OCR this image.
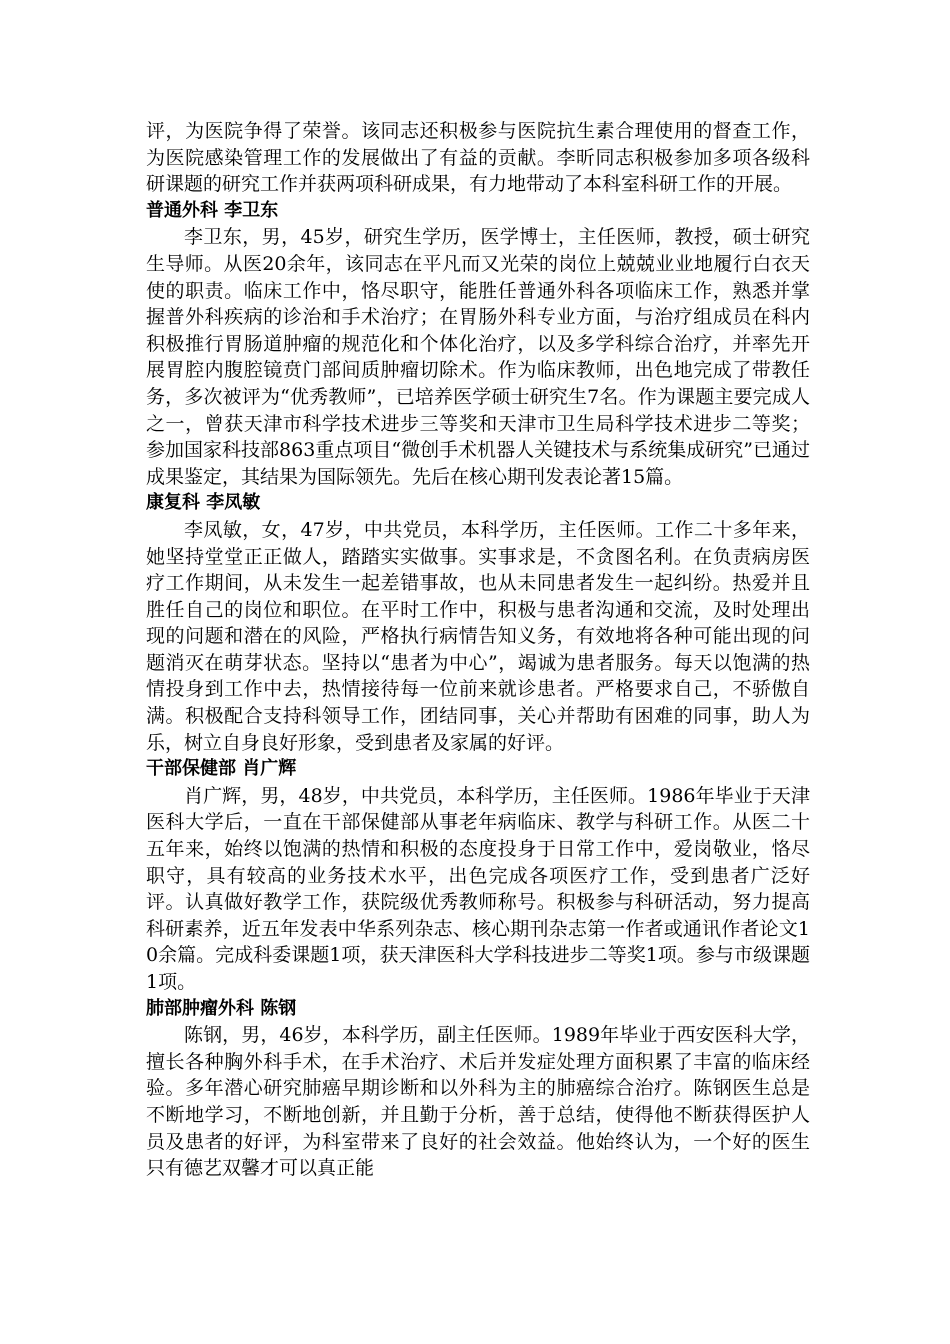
评，为医院争得了荣誉。该同志还积极参与医院抗生素合理使用的督查工作，为医院感染管理工作的发展做出了有益的贡献。李昕同志积极参加多项各级科研课题的研究工作并获两项科研成果，有力地带动了本科室科研工作的开展。

普通外科 李卫东

李卫东，男，45岁，研究生学历，医学博士，主任医师，教授，硕士研究生导师。从医20余年，该同志在平凡而又光荣的岗位上兢兢业业地履行白衣天使的职责。临床工作中，恪尽职守，能胜任普通外科各项临床工作，熟悉并掌握普外科疾病的诊治和手术治疗；在胃肠外科专业方面，与治疗组成员在科内积极推行胃肠道肿瘤的规范化和个体化治疗，以及多学科综合治疗，并率先开展胃腔内腹腔镜贲门部间质肿瘤切除术。作为临床教师，出色地完成了带教任务，多次被评为“优秀教师”，已培养医学硕士研究生7名。作为课题主要完成人之一，曾获天津市科学技术进步三等奖和天津市卫生局科学技术进步二等奖；参加国家科技部863重点项目“微创手术机器人关键技术与系统集成研究”已通过成果鉴定，其结果为国际领先。先后在核心期刊发表论著15篇。

康复科 李凤敏

李凤敏，女，47岁，中共党员，本科学历，主任医师。工作二十多年来，她坚持堂堂正正做人，踏踏实实做事。实事求是，不贪图名利。在负责病房医疗工作期间，从未发生一起差错事故，也从未同患者发生一起纠纷。热爱并且胜任自己的岗位和职位。在平时工作中，积极与患者沟通和交流，及时处理出现的问题和潜在的风险，严格执行病情告知义务，有效地将各种可能出现的问题消灭在萌芽状态。坚持以“患者为中心”，竭诚为患者服务。每天以饱满的热情投身到工作中去，热情接待每一位前来就诊患者。严格要求自己，不骄傲自满。积极配合支持科领导工作，团结同事，关心并帮助有困难的同事，助人为乐，树立自身良好形象，受到患者及家属的好评。

干部保健部 肖广辉

肖广辉，男，48岁，中共党员，本科学历，主任医师。1986年毕业于天津医科大学后，一直在干部保健部从事老年病临床、教学与科研工作。从医二十五年来，始终以饱满的热情和积极的态度投身于日常工作中，爱岗敬业，恪尽职守，具有较高的业务技术水平，出色完成各项医疗工作，受到患者广泛好评。认真做好教学工作，获院级优秀教师称号。积极参与科研活动，努力提高科研素养，近五年发表中华系列杂志、核心期刊杂志第一作者或通讯作者论文10余篇。完成科委课题1项，获天津医科大学科技进步二等奖1项。参与市级课题1项。

肺部肿瘤外科 陈钢

陈钢，男，46岁，本科学历，副主任医师。1989年毕业于西安医科大学，擅长各种胸外科手术，在手术治疗、术后并发症处理方面积累了丰富的临床经验。多年潜心研究肺癌早期诊断和以外科为主的肺癌综合治疗。陈钢医生总是不断地学习，不断地创新，并且勤于分析，善于总结，使得他不断获得医护人员及患者的好评，为科室带来了良好的社会效益。他始终认为，一个好的医生只有德艺双馨才可以真正能
